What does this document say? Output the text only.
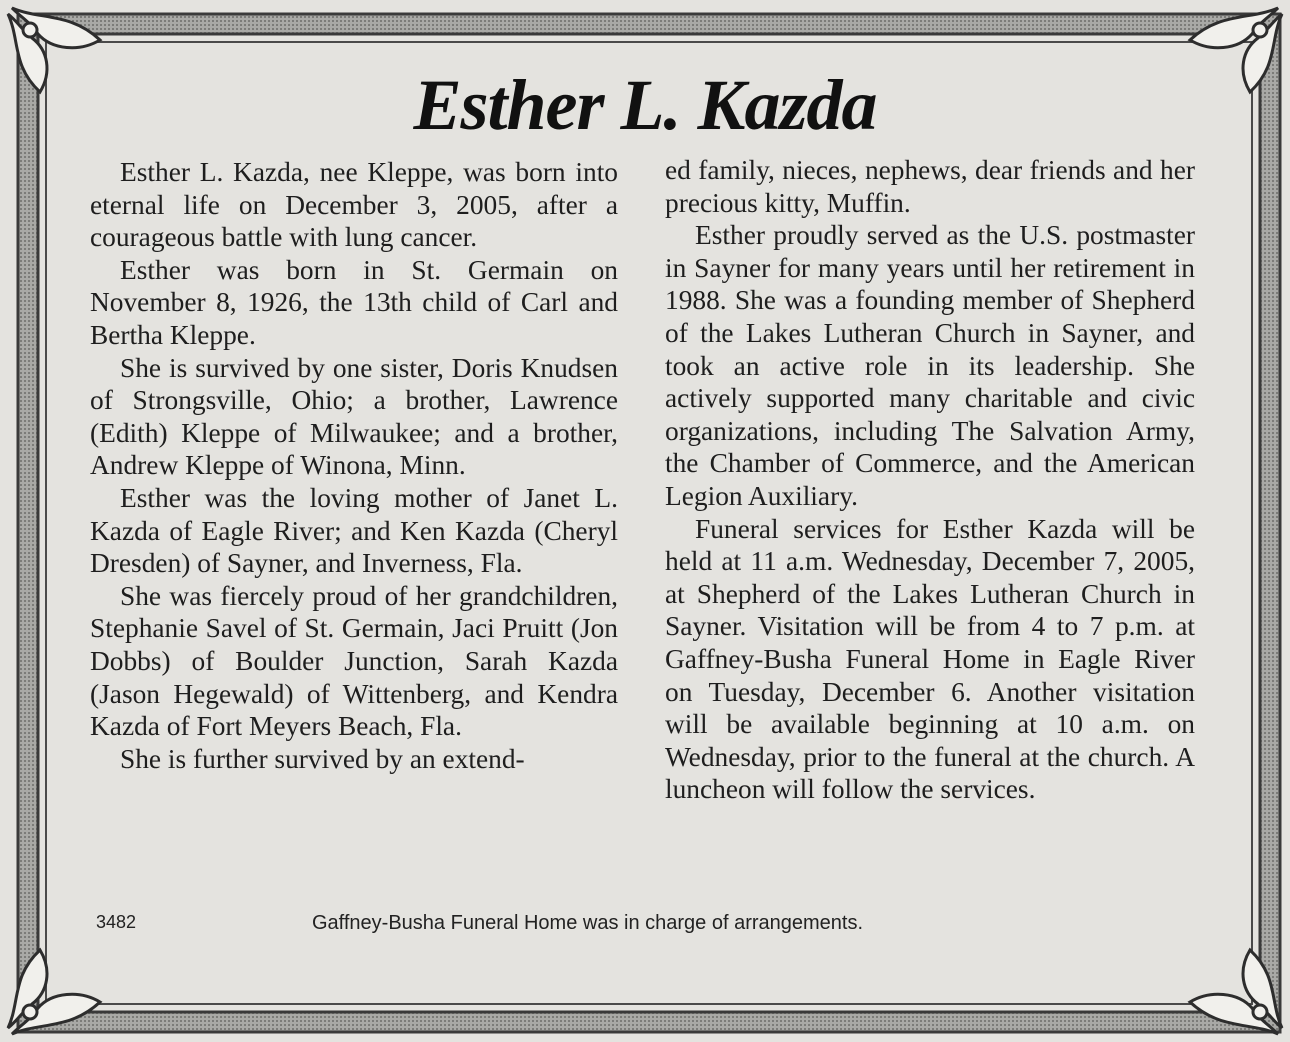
Esther L. Kazda

Esther L. Kazda, nee Kleppe, was born into eternal life on December 3, 2005, after a courageous battle with lung cancer.

Esther was born in St. Germain on November 8, 1926, the 13th child of Carl and Bertha Kleppe.

She is survived by one sister, Doris Knudsen of Strongsville, Ohio; a brother, Lawrence (Edith) Kleppe of Milwaukee; and a brother, Andrew Kleppe of Winona, Minn.

Esther was the loving mother of Janet L. Kazda of Eagle River; and Ken Kazda (Cheryl Dresden) of Sayner, and Inverness, Fla.

She was fiercely proud of her grandchildren, Stephanie Savel of St. Germain, Jaci Pruitt (Jon Dobbs) of Boulder Junction, Sarah Kazda (Jason Hegewald) of Wittenberg, and Kendra Kazda of Fort Meyers Beach, Fla.

She is further survived by an extend-

ed family, nieces, nephews, dear friends and her precious kitty, Muffin.

Esther proudly served as the U.S. postmaster in Sayner for many years until her retirement in 1988. She was a founding member of Shepherd of the Lakes Lutheran Church in Sayner, and took an active role in its leadership. She actively supported many charitable and civic organizations, including The Salvation Army, the Chamber of Commerce, and the American Legion Auxiliary.

Funeral services for Esther Kazda will be held at 11 a.m. Wednesday, December 7, 2005, at Shepherd of the Lakes Lutheran Church in Sayner. Visitation will be from 4 to 7 p.m. at Gaffney-Busha Funeral Home in Eagle River on Tuesday, December 6. Another visitation will be available beginning at 10 a.m. on Wednesday, prior to the funeral at the church. A luncheon will follow the services.

3482	Gaffney-Busha Funeral Home was in charge of arrangements.
